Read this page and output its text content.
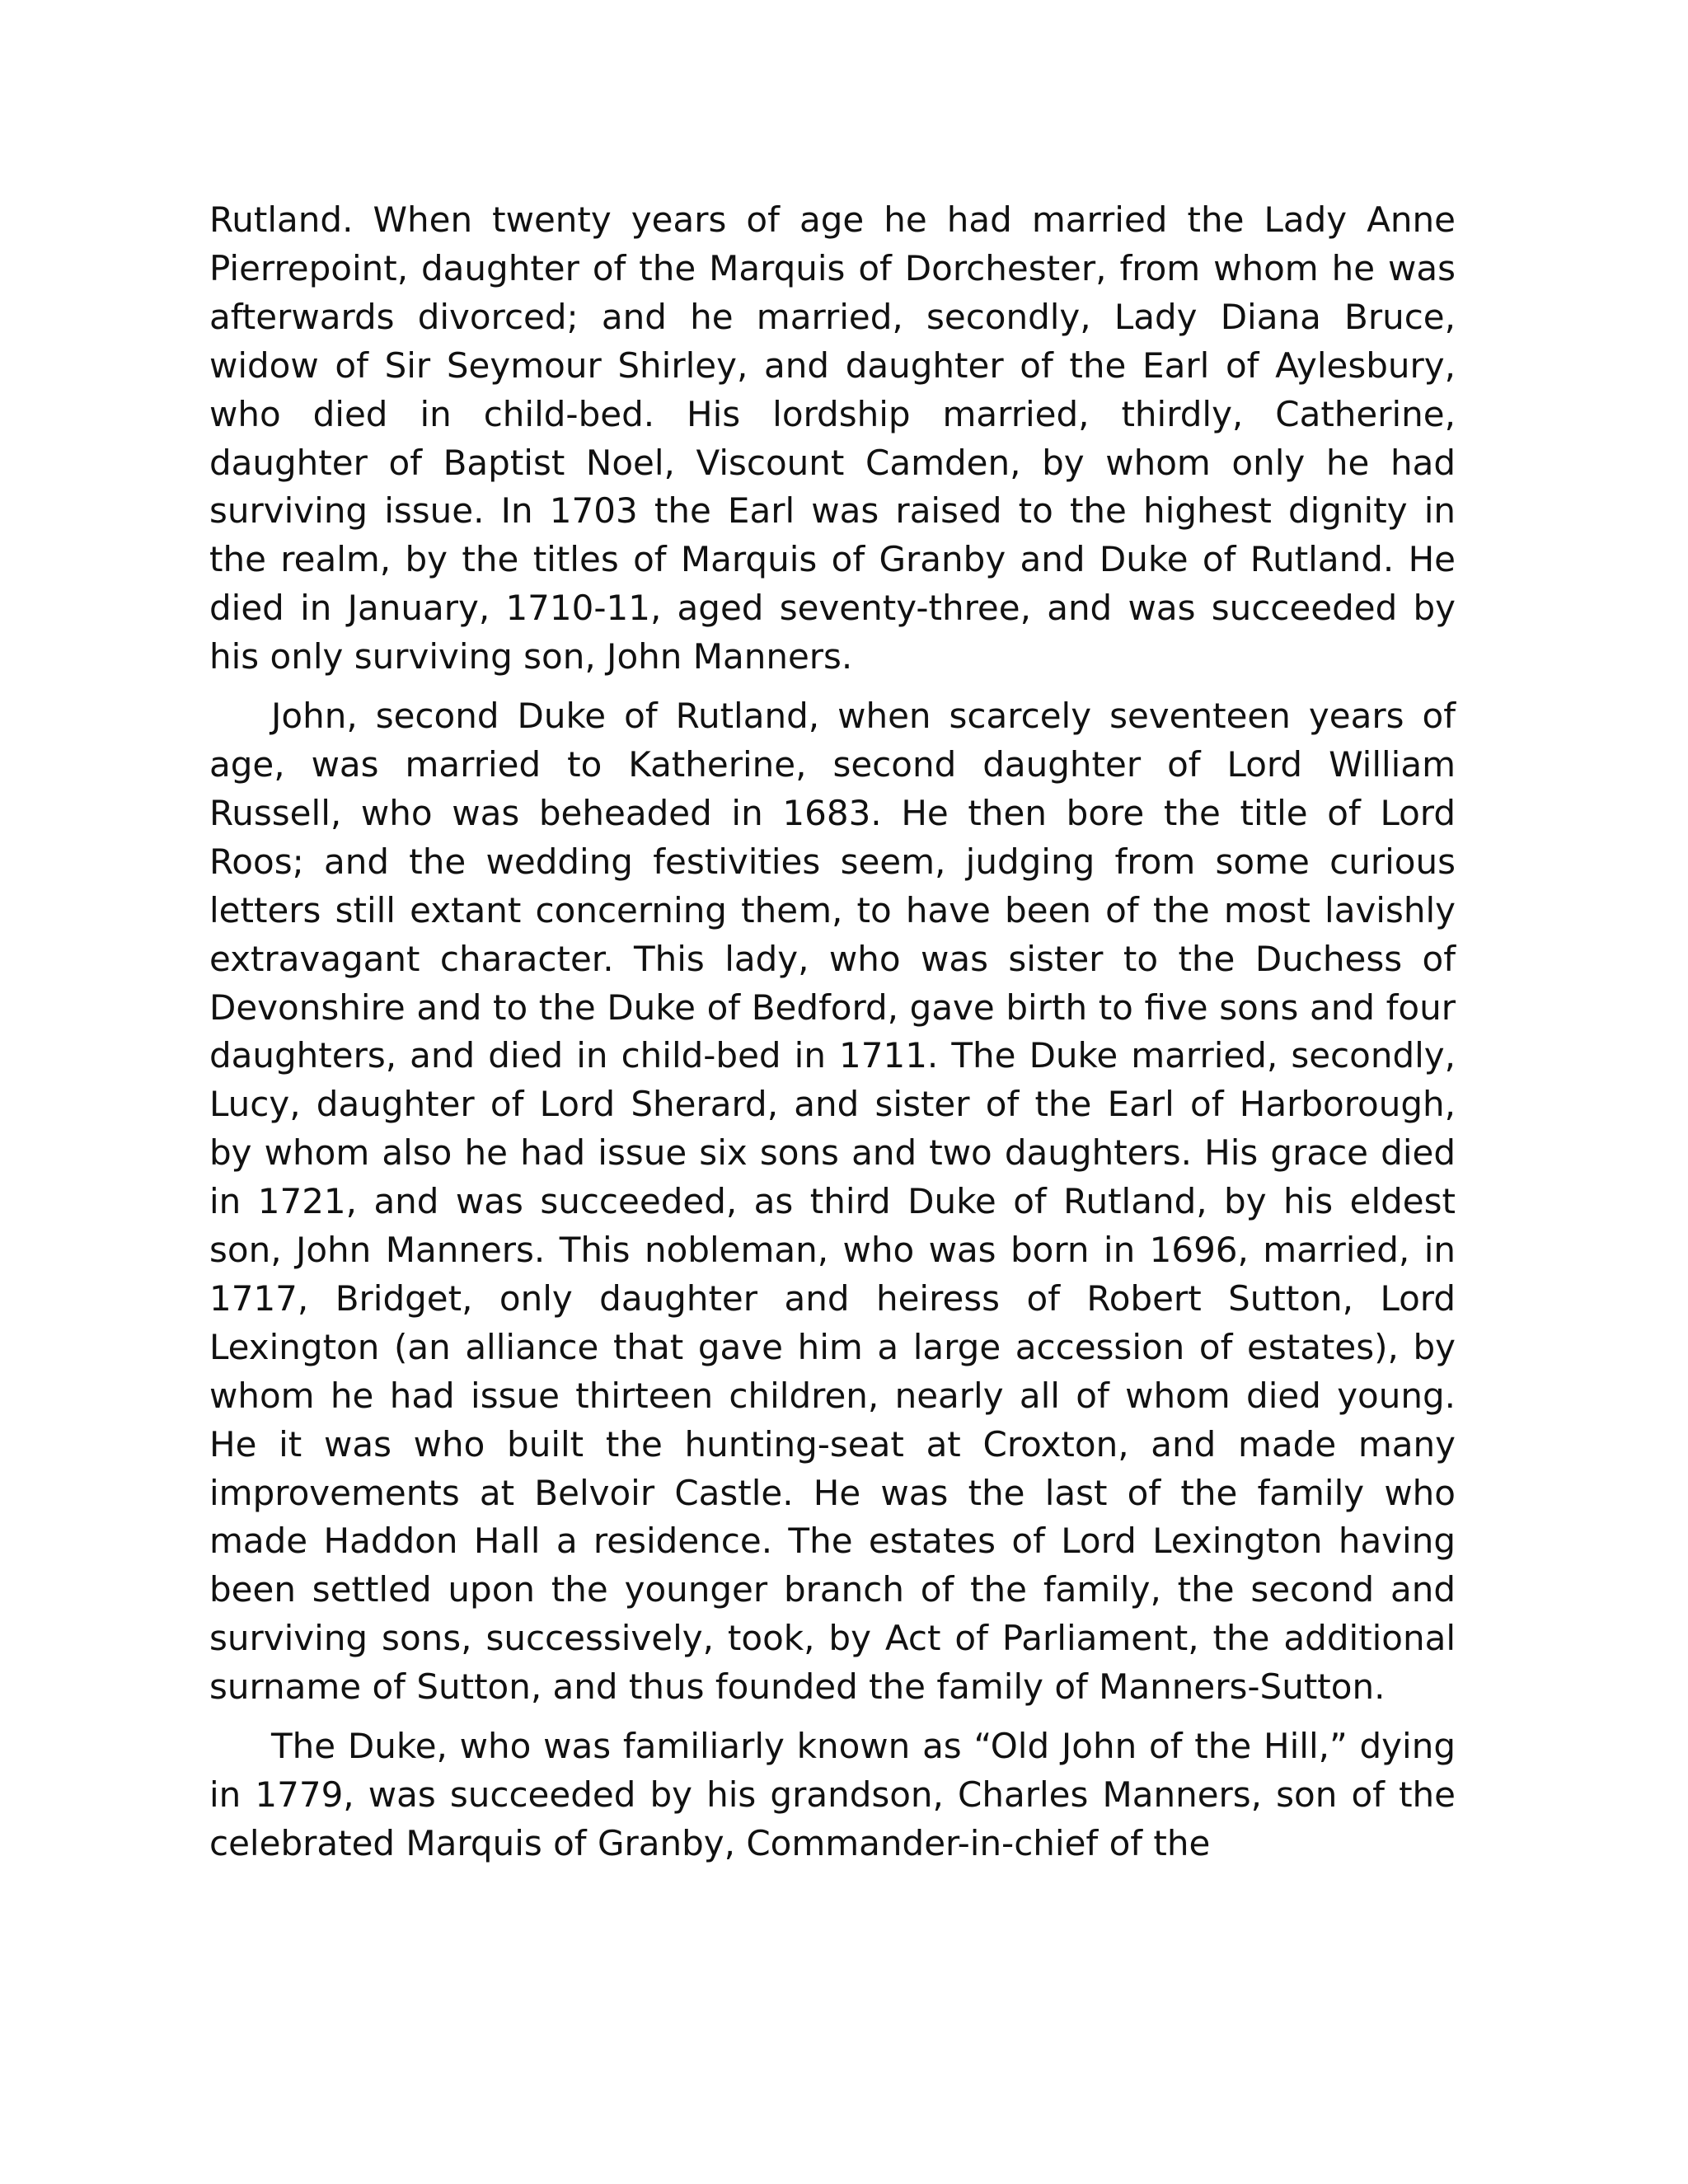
Rutland. When twenty years of age he had married the Lady Anne Pierrepoint, daughter of the Marquis of Dorchester, from whom he was afterwards divorced; and he married, secondly, Lady Diana Bruce, widow of Sir Seymour Shirley, and daughter of the Earl of Aylesbury, who died in child-bed. His lordship married, thirdly, Catherine, daughter of Baptist Noel, Viscount Camden, by whom only he had surviving issue. In 1703 the Earl was raised to the highest dignity in the realm, by the titles of Marquis of Granby and Duke of Rutland. He died in January, 1710-11, aged seventy-three, and was succeeded by his only surviving son, John Manners.

John, second Duke of Rutland, when scarcely seventeen years of age, was married to Katherine, second daughter of Lord William Russell, who was beheaded in 1683. He then bore the title of Lord Roos; and the wedding festivities seem, judging from some curious letters still extant concerning them, to have been of the most lavishly extravagant character. This lady, who was sister to the Duchess of Devonshire and to the Duke of Bedford, gave birth to five sons and four daughters, and died in child-bed in 1711. The Duke married, secondly, Lucy, daughter of Lord Sherard, and sister of the Earl of Harborough, by whom also he had issue six sons and two daughters. His grace died in 1721, and was succeeded, as third Duke of Rutland, by his eldest son, John Manners. This nobleman, who was born in 1696, married, in 1717, Bridget, only daughter and heiress of Robert Sutton, Lord Lexington (an alliance that gave him a large accession of estates), by whom he had issue thirteen children, nearly all of whom died young. He it was who built the hunting-seat at Croxton, and made many improvements at Belvoir Castle. He was the last of the family who made Haddon Hall a residence. The estates of Lord Lexington having been settled upon the younger branch of the family, the second and surviving sons, successively, took, by Act of Parliament, the additional surname of Sutton, and thus founded the family of Manners-Sutton.

The Duke, who was familiarly known as “Old John of the Hill,” dying in 1779, was succeeded by his grandson, Charles Manners, son of the celebrated Marquis of Granby, Commander-in-chief of the
